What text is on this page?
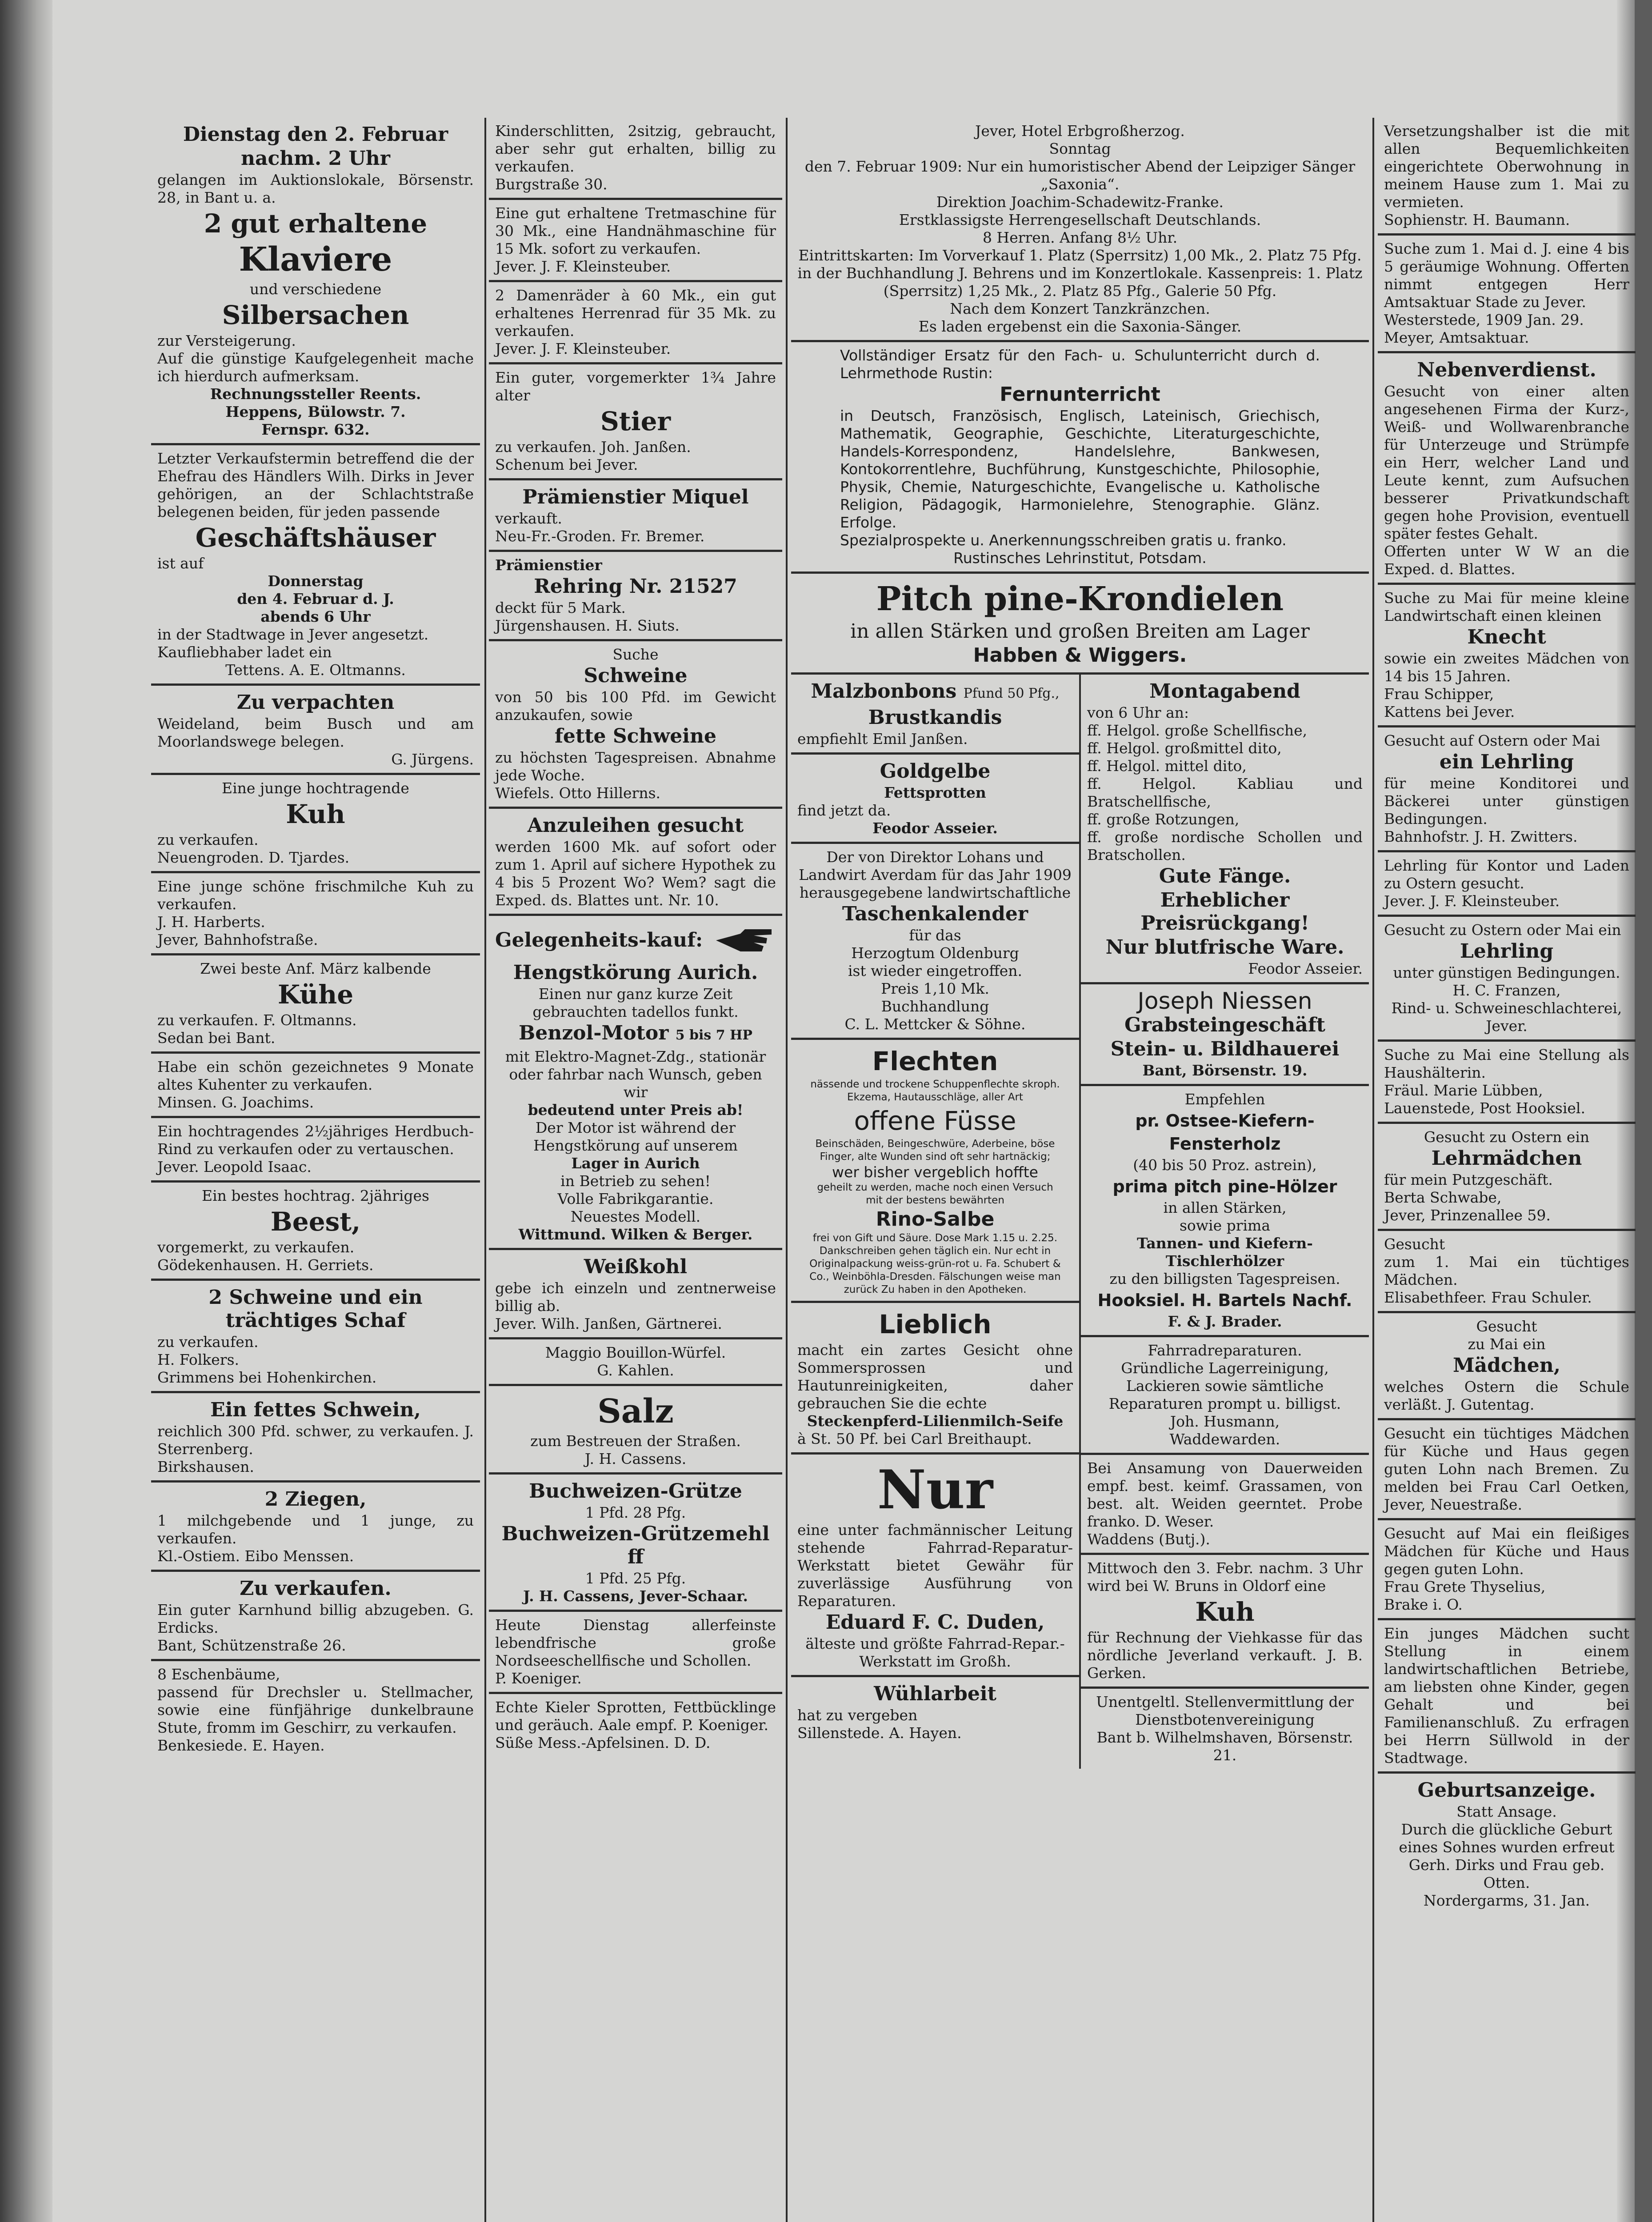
Dienstag den 2. Februar

nachm. 2 Uhr

gelangen im Auktionslokale, Börsenstr. 28, in Bant u. a.

2 gut erhaltene

Klaviere

und verschiedene

Silbersachen

zur Versteigerung.
Auf die günstige Kaufgelegenheit mache ich hierdurch aufmerksam.

Rechnungssteller Reents.
Heppens, Bülowstr. 7.
Fernspr. 632.

Letzter Verkaufstermin betreffend die der Ehefrau des Händlers Wilh. Dirks in Jever gehörigen, an der Schlachtstraße belegenen beiden, für jeden passende

Geschäftshäuser

ist auf

Donnerstag
den 4. Februar d. J.
abends 6 Uhr

in der Stadtwage in Jever angesetzt.
Kaufliebhaber ladet ein

Tettens. A. E. Oltmanns.

Zu verpachten

Weideland, beim Busch und am Moorlandswege belegen.

G. Jürgens.

Eine junge hochtragende

Kuh

zu verkaufen.
Neuengroden. D. Tjardes.

Eine junge schöne frischmilche Kuh zu verkaufen.
J. H. Harberts.
Jever, Bahnhofstraße.

Zwei beste Anf. März kalbende

Kühe

zu verkaufen. F. Oltmanns.
Sedan bei Bant.

Habe ein schön gezeichnetes 9 Monate altes Kuhenter zu verkaufen.
Minsen. G. Joachims.

Ein hochtragendes 2½jähriges Herdbuch-Rind zu verkaufen oder zu vertauschen.
Jever. Leopold Isaac.

Ein bestes hochtrag. 2jähriges

Beest,

vorgemerkt, zu verkaufen.
Gödekenhausen. H. Gerriets.

2 Schweine und ein trächtiges Schaf

zu verkaufen.
H. Folkers.
Grimmens bei Hohenkirchen.

Ein fettes Schwein,

reichlich 300 Pfd. schwer, zu verkaufen. J. Sterrenberg.
Birkshausen.

2 Ziegen,

1 milchgebende und 1 junge, zu verkaufen.
Kl.-Ostiem. Eibo Menssen.

Zu verkaufen.

Ein guter Karnhund billig abzugeben. G. Erdicks.
Bant, Schützenstraße 26.

8 Eschenbäume,
passend für Drechsler u. Stellmacher, sowie eine fünfjährige dunkelbraune Stute, fromm im Geschirr, zu verkaufen.
Benkesiede. E. Hayen.

Kinderschlitten, 2sitzig, gebraucht, aber sehr gut erhalten, billig zu verkaufen.
Burgstraße 30.

Eine gut erhaltene Tretmaschine für 30 Mk., eine Handnähmaschine für 15 Mk. sofort zu verkaufen.
Jever. J. F. Kleinsteuber.

2 Damenräder à 60 Mk., ein gut erhaltenes Herrenrad für 35 Mk. zu verkaufen.
Jever. J. F. Kleinsteuber.

Ein guter, vorgemerkter 1¾ Jahre alter

Stier

zu verkaufen. Joh. Janßen.
Schenum bei Jever.

Prämienstier Miquel

verkauft.
Neu-Fr.-Groden. Fr. Bremer.

Prämienstier

Rehring Nr. 21527

deckt für 5 Mark.
Jürgenshausen. H. Siuts.

Suche

Schweine

von 50 bis 100 Pfd. im Gewicht anzukaufen, sowie

fette Schweine

zu höchsten Tagespreisen. Abnahme jede Woche.
Wiefels. Otto Hillerns.

Anzuleihen gesucht

werden 1600 Mk. auf sofort oder zum 1. April auf sichere Hypothek zu 4 bis 5 Prozent Wo? Wem? sagt die Exped. ds. Blattes unt. Nr. 10.

Gelegenheits-kauf:

Hengstkörung Aurich.

Einen nur ganz kurze Zeit gebrauchten tadellos funkt.

Benzol-Motor 5 bis 7 HP

mit Elektro-Magnet-Zdg., stationär oder fahrbar nach Wunsch, geben wir

bedeutend unter Preis ab!

Der Motor ist während der Hengstkörung auf unserem

Lager in Aurich

in Betrieb zu sehen!
Volle Fabrikgarantie.
Neuestes Modell.

Wittmund. Wilken & Berger.

Weißkohl

gebe ich einzeln und zentnerweise billig ab.
Jever. Wilh. Janßen, Gärtnerei.

Maggio Bouillon-Würfel.
G. Kahlen.

Salz

zum Bestreuen der Straßen.
J. H. Cassens.

Buchweizen-Grütze

1 Pfd. 28 Pfg.

Buchweizen-Grützemehl ff

1 Pfd. 25 Pfg.

J. H. Cassens, Jever-Schaar.

Heute Dienstag allerfeinste lebendfrische große Nordseeschellfische und Schollen.
P. Koeniger.

Echte Kieler Sprotten, Fettbücklinge und geräuch. Aale empf. P. Koeniger.
Süße Mess.-Apfelsinen. D. D.

Jever, Hotel Erbgroßherzog.
Sonntag
den 7. Februar 1909: Nur ein humoristischer Abend der Leipziger Sänger „Saxonia“.
Direktion Joachim-Schadewitz-Franke.
Erstklassigste Herrengesellschaft Deutschlands.
8 Herren. Anfang 8½ Uhr.
Eintrittskarten: Im Vorverkauf 1. Platz (Sperrsitz) 1,00 Mk., 2. Platz 75 Pfg. in der Buchhandlung J. Behrens und im Konzertlokale. Kassenpreis: 1. Platz (Sperrsitz) 1,25 Mk., 2. Platz 85 Pfg., Galerie 50 Pfg.
Nach dem Konzert Tanzkränzchen.
Es laden ergebenst ein die Saxonia-Sänger.

Vollständiger Ersatz für den Fach- u. Schulunterricht durch d. Lehrmethode Rustin:

Fernunterricht

in Deutsch, Französisch, Englisch, Lateinisch, Griechisch, Mathematik, Geographie, Geschichte, Literaturgeschichte, Handels-Korrespondenz, Handelslehre, Bankwesen, Kontokorrentlehre, Buchführung, Kunstgeschichte, Philosophie, Physik, Chemie, Naturgeschichte, Evangelische u. Katholische Religion, Pädagogik, Harmonielehre, Stenographie. Glänz. Erfolge.
Spezialprospekte u. Anerkennungsschreiben gratis u. franko.

Rustinsches Lehrinstitut, Potsdam.

Pitch pine-Krondielen

in allen Stärken und großen Breiten am Lager

Habben & Wiggers.

Malzbonbons Pfund 50 Pfg.,

Brustkandis

empfiehlt Emil Janßen.

Goldgelbe

Fettsprotten

find jetzt da.

Feodor Asseier.

Der von Direktor Lohans und Landwirt Averdam für das Jahr 1909 herausgegebene landwirtschaftliche

Taschenkalender

für das
Herzogtum Oldenburg
ist wieder eingetroffen.
Preis 1,10 Mk.
Buchhandlung
C. L. Mettcker & Söhne.

Flechten

nässende und trockene Schuppenflechte skroph. Ekzema, Hautausschläge, aller Art

offene Füsse

Beinschäden, Beingeschwüre, Aderbeine, böse Finger, alte Wunden sind oft sehr hartnäckig;

wer bisher vergeblich hoffte

geheilt zu werden, mache noch einen Versuch mit der bestens bewährten

Rino-Salbe

frei von Gift und Säure. Dose Mark 1.15 u. 2.25. Dankschreiben gehen täglich ein. Nur echt in Originalpackung weiss-grün-rot u. Fa. Schubert & Co., Weinböhla-Dresden. Fälschungen weise man zurück Zu haben in den Apotheken.

Lieblich

macht ein zartes Gesicht ohne Sommersprossen und Hautunreinigkeiten, daher gebrauchen Sie die echte

Steckenpferd-Lilienmilch-Seife

à St. 50 Pf. bei Carl Breithaupt.

Nur

eine unter fachmännischer Leitung stehende Fahrrad-Reparatur-Werkstatt bietet Gewähr für zuverlässige Ausführung von Reparaturen.

Eduard F. C. Duden,

älteste und größte Fahrrad-Repar.-Werkstatt im Großh.

Wühlarbeit

hat zu vergeben
Sillenstede. A. Hayen.

Montagabend

von 6 Uhr an:
ff. Helgol. große Schellfische,
ff. Helgol. großmittel dito,
ff. Helgol. mittel dito,
ff. Helgol. Kabliau und Bratschellfische,
ff. große Rotzungen,
ff. große nordische Schollen und Bratschollen.

Gute Fänge.

Erheblicher Preisrückgang!

Nur blutfrische Ware.

Feodor Asseier.

Joseph Niessen

Grabsteingeschäft

Stein- u. Bildhauerei

Bant, Börsenstr. 19.

Empfehlen

pr. Ostsee-Kiefern-Fensterholz

(40 bis 50 Proz. astrein),

prima pitch pine-Hölzer

in allen Stärken,
sowie prima

Tannen- und Kiefern-Tischlerhölzer

zu den billigsten Tagespreisen.

Hooksiel. H. Bartels Nachf.

F. & J. Brader.

Fahrradreparaturen.
Gründliche Lagerreinigung, Lackieren sowie sämtliche Reparaturen prompt u. billigst.
Joh. Husmann,
Waddewarden.

Bei Ansamung von Dauerweiden empf. best. keimf. Grassamen, von best. alt. Weiden geerntet. Probe franko. D. Weser.
Waddens (Butj.).

Mittwoch den 3. Febr. nachm. 3 Uhr wird bei W. Bruns in Oldorf eine

Kuh

für Rechnung der Viehkasse für das nördliche Jeverland verkauft. J. B. Gerken.

Unentgeltl. Stellenvermittlung der Dienstbotenvereinigung
Bant b. Wilhelmshaven, Börsenstr. 21.

Versetzungshalber ist die mit allen Bequemlichkeiten eingerichtete Oberwohnung in meinem Hause zum 1. Mai zu vermieten.
Sophienstr. H. Baumann.

Suche zum 1. Mai d. J. eine 4 bis 5 geräumige Wohnung. Offerten nimmt entgegen Herr Amtsaktuar Stade zu Jever.
Westerstede, 1909 Jan. 29.
Meyer, Amtsaktuar.

Nebenverdienst.

Gesucht von einer alten angesehenen Firma der Kurz-, Weiß- und Wollwarenbranche für Unterzeuge und Strümpfe ein Herr, welcher Land und Leute kennt, zum Aufsuchen besserer Privatkundschaft gegen hohe Provision, eventuell später festes Gehalt.
Offerten unter W W an die Exped. d. Blattes.

Suche zu Mai für meine kleine Landwirtschaft einen kleinen

Knecht

sowie ein zweites Mädchen von 14 bis 15 Jahren.
Frau Schipper,
Kattens bei Jever.

Gesucht auf Ostern oder Mai

ein Lehrling

für meine Konditorei und Bäckerei unter günstigen Bedingungen.
Bahnhofstr. J. H. Zwitters.

Lehrling für Kontor und Laden zu Ostern gesucht.
Jever. J. F. Kleinsteuber.

Gesucht zu Ostern oder Mai ein

Lehrling

unter günstigen Bedingungen.
H. C. Franzen,
Rind- u. Schweineschlachterei,
Jever.

Suche zu Mai eine Stellung als Haushälterin.
Fräul. Marie Lübben,
Lauenstede, Post Hooksiel.

Gesucht zu Ostern ein

Lehrmädchen

für mein Putzgeschäft.
Berta Schwabe,
Jever, Prinzenallee 59.

Gesucht
zum 1. Mai ein tüchtiges Mädchen.
Elisabethfeer. Frau Schuler.

Gesucht
zu Mai ein

Mädchen,

welches Ostern die Schule verläßt. J. Gutentag.

Gesucht ein tüchtiges Mädchen für Küche und Haus gegen guten Lohn nach Bremen. Zu melden bei Frau Carl Oetken, Jever, Neuestraße.

Gesucht auf Mai ein fleißiges Mädchen für Küche und Haus gegen guten Lohn.
Frau Grete Thyselius,
Brake i. O.

Ein junges Mädchen sucht Stellung in einem landwirtschaftlichen Betriebe, am liebsten ohne Kinder, gegen Gehalt und bei Familienanschluß. Zu erfragen bei Herrn Süllwold in der Stadtwage.

Geburtsanzeige.

Statt Ansage.
Durch die glückliche Geburt eines Sohnes wurden erfreut
Gerh. Dirks und Frau geb. Otten.
Nordergarms, 31. Jan.
